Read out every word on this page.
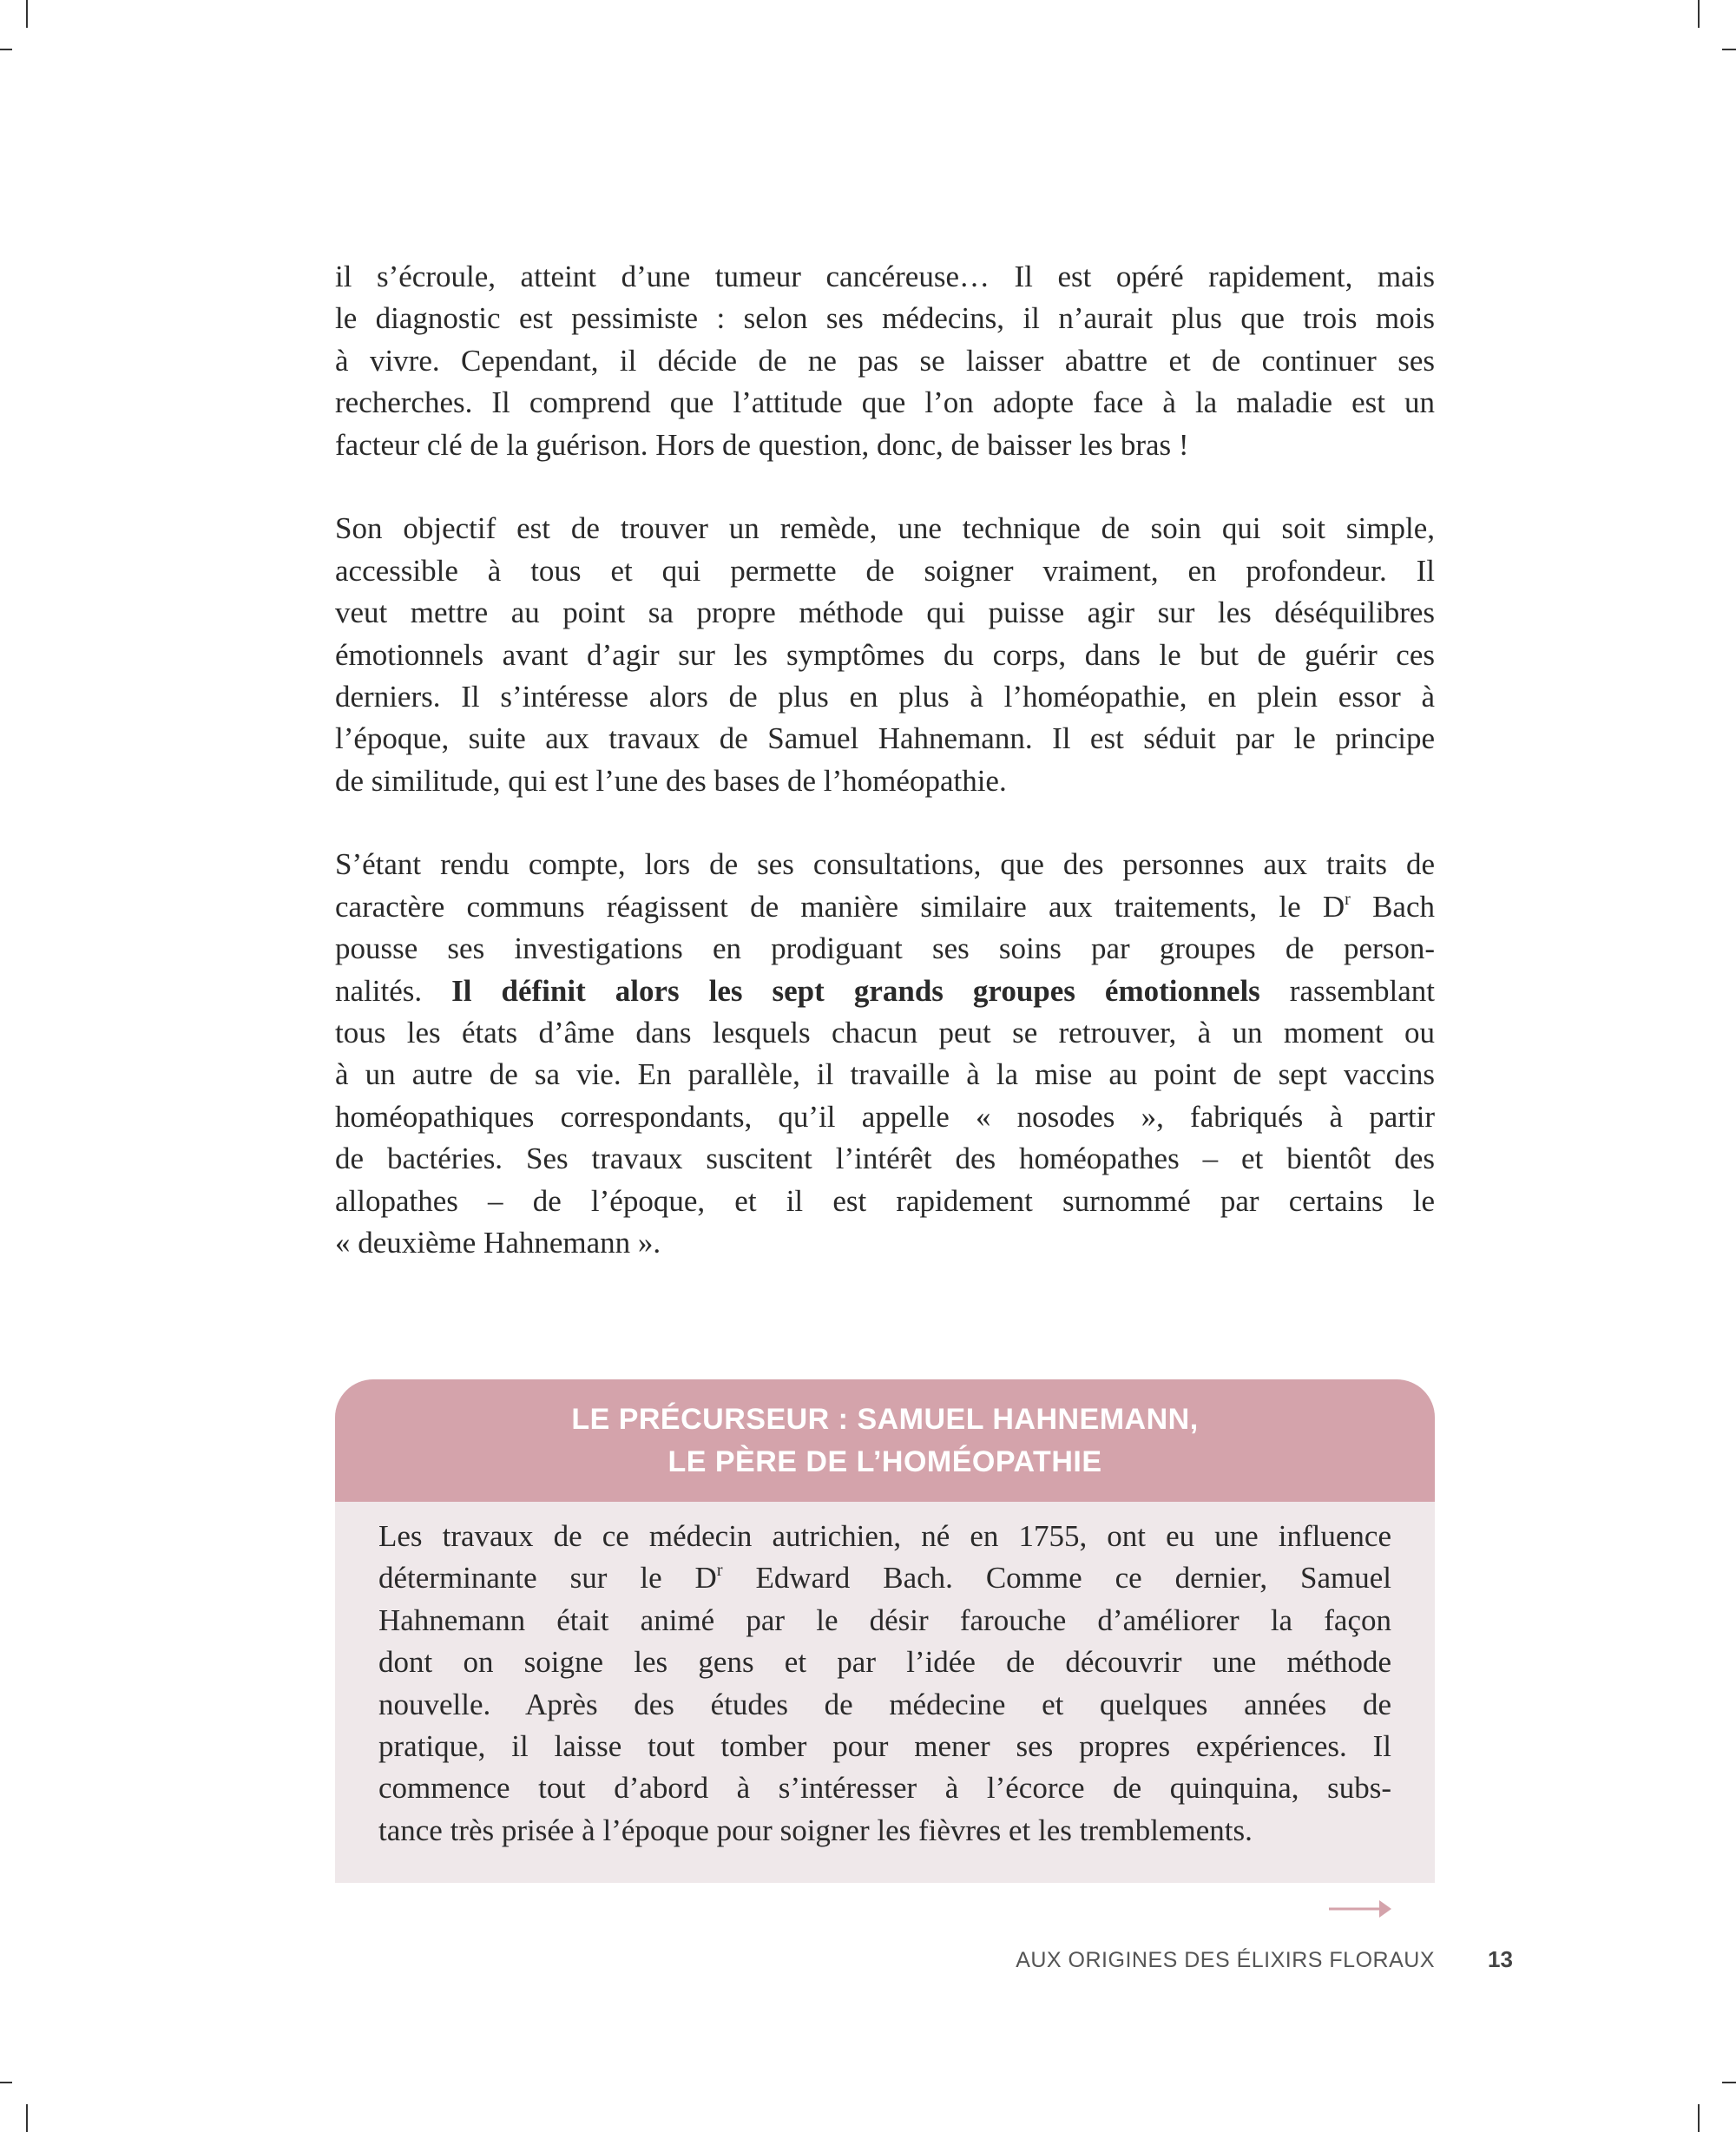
il s’écroule, atteint d’une tumeur cancéreuse… Il est opéré rapidement, mais
le diagnostic est pessimiste : selon ses médecins, il n’aurait plus que trois mois
à vivre. Cependant, il décide de ne pas se laisser abattre et de continuer ses
recherches. Il comprend que l’attitude que l’on adopte face à la maladie est un
facteur clé de la guérison. Hors de question, donc, de baisser les bras !
Son objectif est de trouver un remède, une technique de soin qui soit simple,
accessible à tous et qui permette de soigner vraiment, en profondeur. Il
veut mettre au point sa propre méthode qui puisse agir sur les déséquilibres
émotionnels avant d’agir sur les symptômes du corps, dans le but de guérir ces
derniers. Il s’intéresse alors de plus en plus à l’homéopathie, en plein essor à
l’époque, suite aux travaux de Samuel Hahnemann. Il est séduit par le principe
de similitude, qui est l’une des bases de l’homéopathie.
S’étant rendu compte, lors de ses consultations, que des personnes aux traits de
caractère communs réagissent de manière similaire aux traitements, le $D^r$ Bach
pousse ses investigations en prodiguant ses soins par groupes de person-
nalités. Il définit alors les sept grands groupes émotionnels rassemblant
tous les états d’âme dans lesquels chacun peut se retrouver, à un moment ou
à un autre de sa vie. En parallèle, il travaille à la mise au point de sept vaccins
homéopathiques correspondants, qu’il appelle « nosodes », fabriqués à partir
de bactéries. Ses travaux suscitent l’intérêt des homéopathes – et bientôt des
allopathes – de l’époque, et il est rapidement surnommé par certains le
« deuxième Hahnemann ».
LE PRÉCURSEUR : SAMUEL HAHNEMANN,
LE PÈRE DE L’HOMÉOPATHIE
Les travaux de ce médecin autrichien, né en 1755, ont eu une influence
déterminante sur le $D^r$ Edward Bach. Comme ce dernier, Samuel
Hahnemann était animé par le désir farouche d’améliorer la façon
dont on soigne les gens et par l’idée de découvrir une méthode
nouvelle. Après des études de médecine et quelques années de
pratique, il laisse tout tomber pour mener ses propres expériences. Il
commence tout d’abord à s’intéresser à l’écorce de quinquina, subs-
tance très prisée à l’époque pour soigner les fièvres et les tremblements.
AUX ORIGINES DES ÉLIXIRS FLORAUX 13
